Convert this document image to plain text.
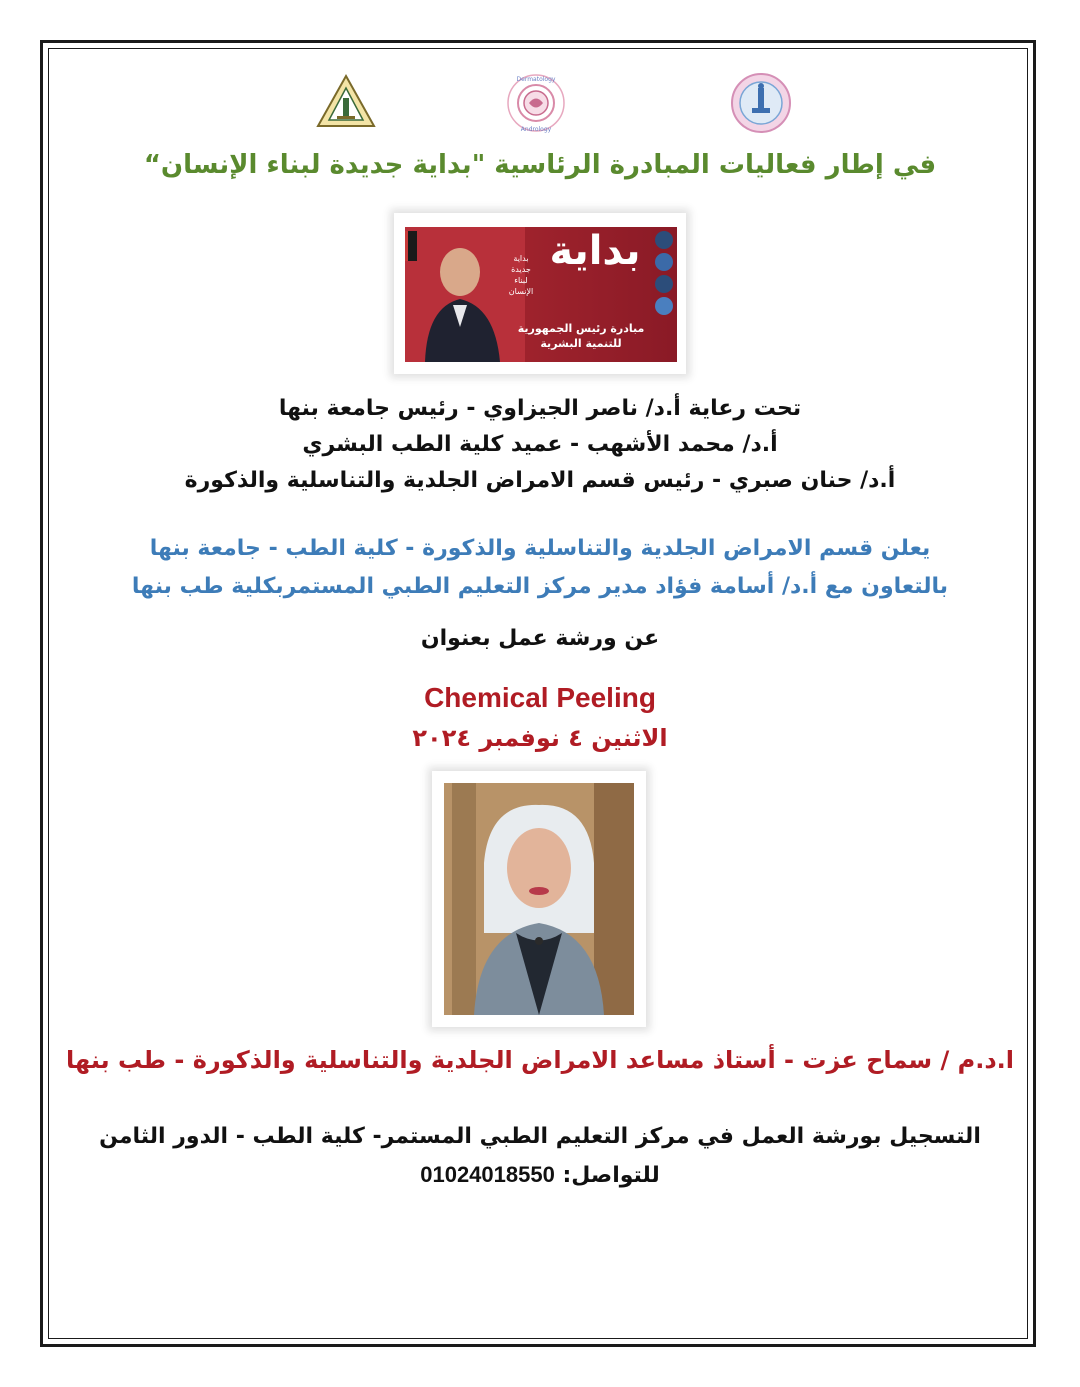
Dermatology
Andrology
في إطار فعاليات المبادرة الرئاسية "بداية جديدة لبناء الإنسان“
بداية
بداية
جديدة
لبناء
الإنسان
مبادرة رئيس الجمهورية
للتنمية البشرية
تحت رعاية أ.د/ ناصر الجيزاوي - رئيس جامعة بنها
أ.د/ محمد الأشهب - عميد كلية الطب البشري
أ.د/ حنان صبري - رئيس قسم الامراض الجلدية والتناسلية والذكورة
يعلن قسم الامراض الجلدية والتناسلية والذكورة - كلية الطب - جامعة بنها
بالتعاون مع أ.د/ أسامة فؤاد مدير مركز التعليم الطبي المستمربكلية طب بنها
عن ورشة عمل بعنوان
Chemical Peeling
الاثنين ٤ نوفمبر ٢٠٢٤
ا.د.م / سماح عزت - أستاذ مساعد الامراض الجلدية والتناسلية والذكورة - طب بنها
التسجيل بورشة العمل في مركز التعليم الطبي المستمر- كلية الطب - الدور الثامن
للتواصل: 01024018550
